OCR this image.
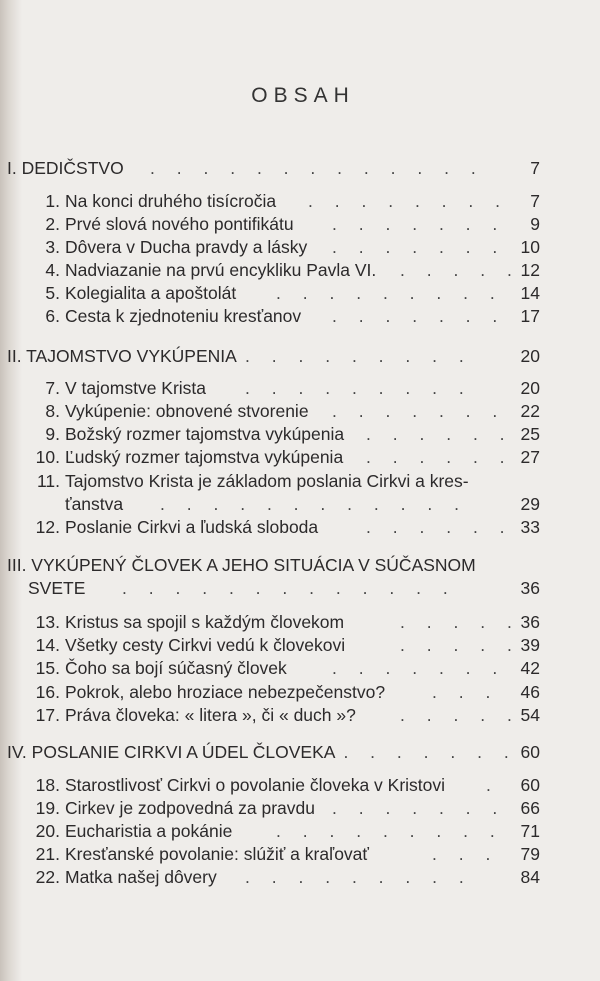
OBSAH
I. DEDIČSTVO .  .  .  .  .  .  .  .  .  .  .  .  .	7
1. Na konci druhého tisícročia .  .  .  .  .  .  .  . 7
2. Prvé slová nového pontifikátu .  .  .  .  .  .  . 9
3. Dôvera v Ducha pravdy a lásky .  .  .  .  .  .  . 10
4. Nadviazanie na prvú encykliku Pavla VI. .  .  .  .  . 12
5. Kolegialita a apoštolát .  .  .  .  .  .  .  .  . 14
6. Cesta k zjednoteniu kresťanov .  .  .  .  .  .  . 17
II. TAJOMSTVO VYKÚPENIA .  .  .  .  .  .  .  .  .	20
7. V tajomstve Krista .  .  .  .  .  .  .  .  .	20
8. Vykúpenie: obnovené stvorenie .  .  .  .  .  .  . 22
9. Božský rozmer tajomstva vykúpenia .  .  .  .  .  . 25
10. Ľudský rozmer tajomstva vykúpenia .  .  .  .  .  . 27
11. Tajomstvo Krista je základom poslania Cirkvi a kres-
ťanstva .  .  .  .  .  .  .  .  .  .  .  .	29
12. Poslanie Cirkvi a ľudská sloboda	.  .  .  .  .  . 33
III. VYKÚPENÝ ČLOVEK A JEHO SITUÁCIA V SÚČASNOM
SVETE .  .  .  .  .  .  .  .  .  .  .  .  .	36
13. Kristus sa spojil s každým človekom	.  .  .  .  . 36
14. Všetky cesty Cirkvi vedú k človekovi	.  .  .  .  . 39
15. Čoho sa bojí súčasný človek	.  .  .  .  .  .  . 42
16. Pokrok, alebo hroziace nebezpečenstvo?	.  .  . 46
17. Práva človeka: « litera », či « duch »?	.  .  .  .  . 54
IV. POSLANIE CIRKVI A ÚDEL ČLOVEKA .  .  .  .  .  .  . 60
18. Starostlivosť Cirkvi o povolanie človeka v Kristovi . 60
19. Cirkev je zodpovedná za pravdu .  .  .  .  .  .  . 66
20. Eucharistia a pokánie .  .  .  .  .  .  .  .  . 71
21. Kresťanské povolanie: slúžiť a kraľovať	.  .  . 79
22. Matka našej dôvery .  .  .  .  .  .  .  .  .	84
